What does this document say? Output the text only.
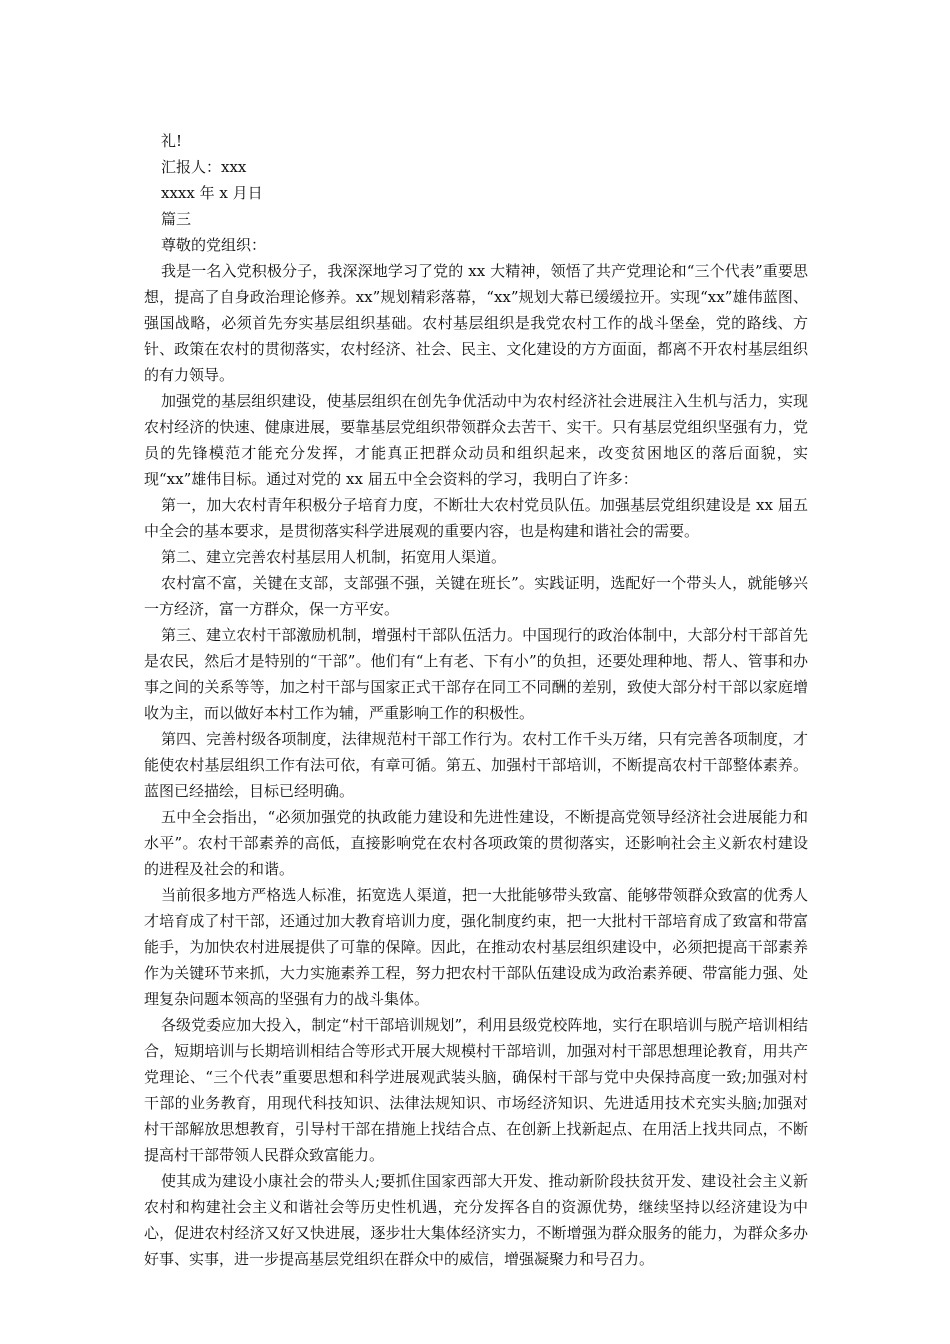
礼!

汇报人：xxx

xxxx 年 x 月日

篇三

尊敬的党组织：

我是一名入党积极分子，我深深地学习了党的 xx 大精神，领悟了共产党理论和“三个代表”重要思想，提高了自身政治理论修养。xx”规划精彩落幕，“xx”规划大幕已缓缓拉开。实现“xx”雄伟蓝图、强国战略，必须首先夯实基层组织基础。农村基层组织是我党农村工作的战斗堡垒，党的路线、方针、政策在农村的贯彻落实，农村经济、社会、民主、文化建设的方方面面，都离不开农村基层组织的有力领导。

加强党的基层组织建设，使基层组织在创先争优活动中为农村经济社会进展注入生机与活力，实现农村经济的快速、健康进展，要靠基层党组织带领群众去苦干、实干。只有基层党组织坚强有力，党员的先锋模范才能充分发挥，才能真正把群众动员和组织起来，改变贫困地区的落后面貌，实现“xx”雄伟目标。通过对党的 xx 届五中全会资料的学习，我明白了许多：

第一，加大农村青年积极分子培育力度，不断壮大农村党员队伍。加强基层党组织建设是 xx 届五中全会的基本要求，是贯彻落实科学进展观的重要内容，也是构建和谐社会的需要。

第二、建立完善农村基层用人机制，拓宽用人渠道。

农村富不富，关键在支部，支部强不强，关键在班长”。实践证明，选配好一个带头人，就能够兴一方经济，富一方群众，保一方平安。

第三、建立农村干部激励机制，增强村干部队伍活力。中国现行的政治体制中，大部分村干部首先是农民，然后才是特别的“干部”。他们有“上有老、下有小”的负担，还要处理种地、帮人、管事和办事之间的关系等等，加之村干部与国家正式干部存在同工不同酬的差别，致使大部分村干部以家庭增收为主，而以做好本村工作为辅，严重影响工作的积极性。

第四、完善村级各项制度，法律规范村干部工作行为。农村工作千头万绪，只有完善各项制度，才能使农村基层组织工作有法可依，有章可循。第五、加强村干部培训，不断提高农村干部整体素养。蓝图已经描绘，目标已经明确。

五中全会指出，“必须加强党的执政能力建设和先进性建设，不断提高党领导经济社会进展能力和水平”。农村干部素养的高低，直接影响党在农村各项政策的贯彻落实，还影响社会主义新农村建设的进程及社会的和谐。

当前很多地方严格选人标准，拓宽选人渠道，把一大批能够带头致富、能够带领群众致富的优秀人才培育成了村干部，还通过加大教育培训力度，强化制度约束，把一大批村干部培育成了致富和带富能手，为加快农村进展提供了可靠的保障。因此，在推动农村基层组织建设中，必须把提高干部素养作为关键环节来抓，大力实施素养工程，努力把农村干部队伍建设成为政治素养硬、带富能力强、处理复杂问题本领高的坚强有力的战斗集体。

各级党委应加大投入，制定“村干部培训规划”，利用县级党校阵地，实行在职培训与脱产培训相结合，短期培训与长期培训相结合等形式开展大规模村干部培训，加强对村干部思想理论教育，用共产党理论、“三个代表”重要思想和科学进展观武装头脑，确保村干部与党中央保持高度一致;加强对村干部的业务教育，用现代科技知识、法律法规知识、市场经济知识、先进适用技术充实头脑;加强对村干部解放思想教育，引导村干部在措施上找结合点、在创新上找新起点、在用活上找共同点，不断提高村干部带领人民群众致富能力。

使其成为建设小康社会的带头人;要抓住国家西部大开发、推动新阶段扶贫开发、建设社会主义新农村和构建社会主义和谐社会等历史性机遇，充分发挥各自的资源优势，继续坚持以经济建设为中心，促进农村经济又好又快进展，逐步壮大集体经济实力，不断增强为群众服务的能力，为群众多办好事、实事，进一步提高基层党组织在群众中的威信，增强凝聚力和号召力。
